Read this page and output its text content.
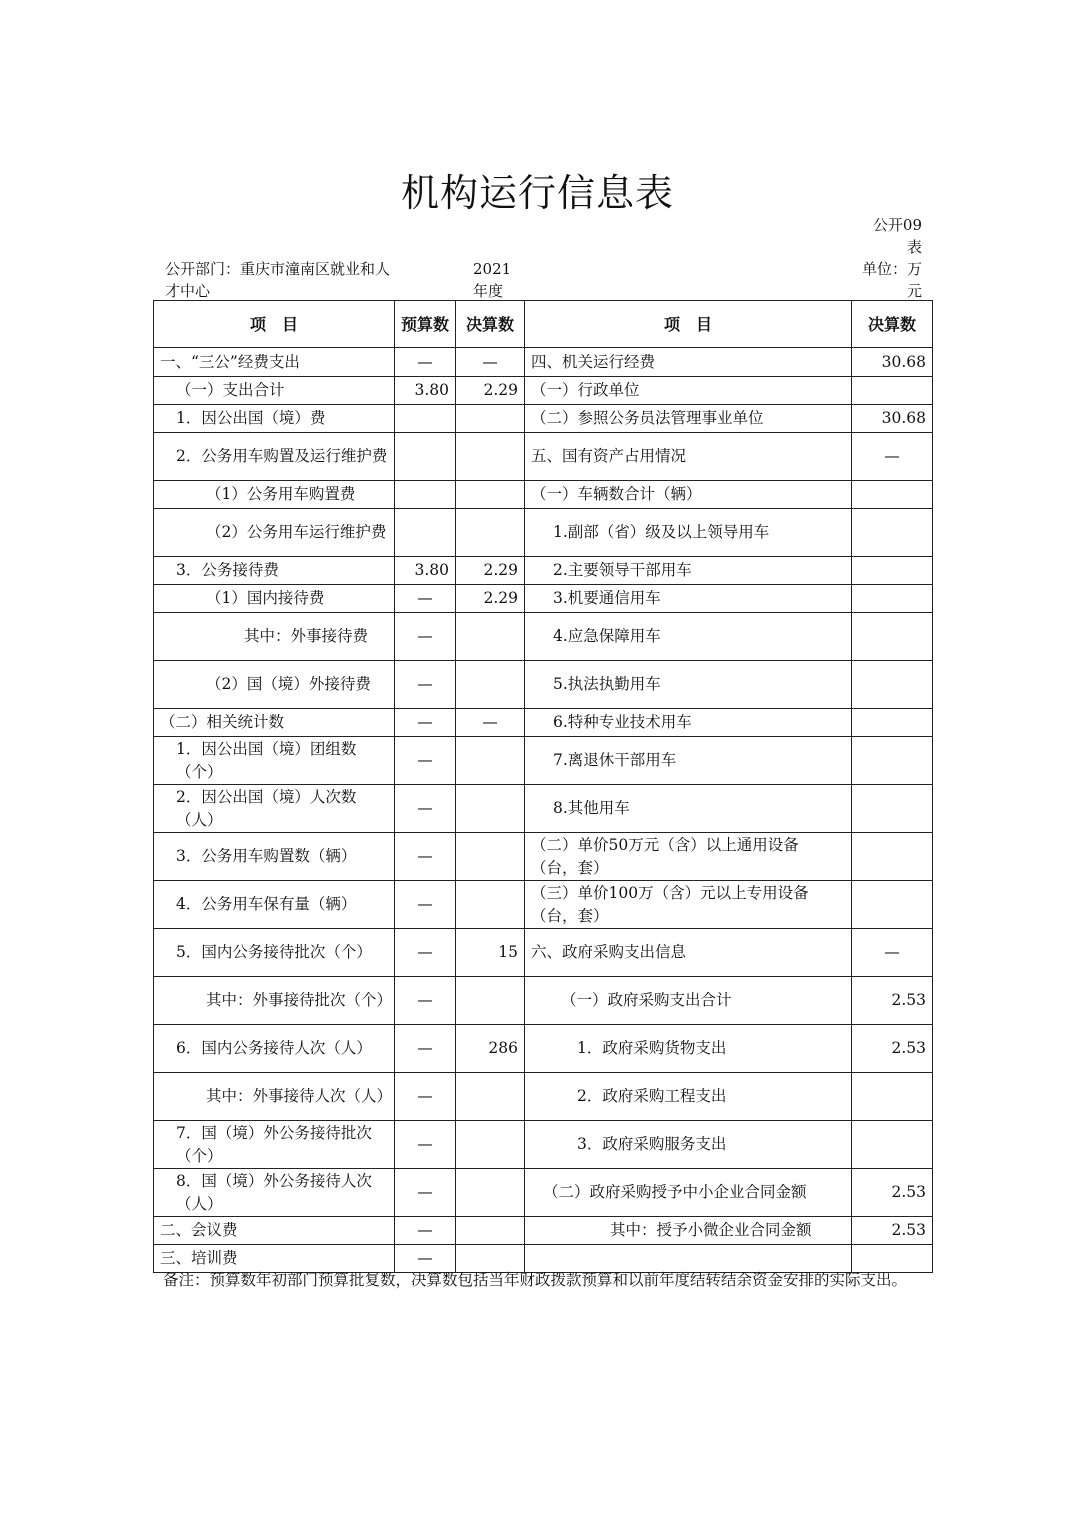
机构运行信息表
公开部门：重庆市潼南区就业和人才中心
2021年度
公开09表
单位：万元
项　目	预算数	决算数	项　目	决算数
一、“三公”经费支出	—	—	四、机关运行经费	30.68
（一）支出合计	3.80	2.29	（一）行政单位	
1．因公出国（境）费			（二）参照公务员法管理事业单位	30.68
2．公务用车购置及运行维护费			五、国有资产占用情况	—
（1）公务用车购置费			（一）车辆数合计（辆）	
（2）公务用车运行维护费			1.副部（省）级及以上领导用车	
3．公务接待费	3.80	2.29	2.主要领导干部用车	
（1）国内接待费	—	2.29	3.机要通信用车	
其中：外事接待费	—		4.应急保障用车	
（2）国（境）外接待费	—		5.执法执勤用车	
（二）相关统计数	—	—	6.特种专业技术用车	
1．因公出国（境）团组数（个）	—		7.离退休干部用车	
2．因公出国（境）人次数（人）	—		8.其他用车	
3．公务用车购置数（辆）	—		（二）单价50万元（含）以上通用设备（台，套）	
4．公务用车保有量（辆）	—		（三）单价100万（含）元以上专用设备（台，套）	
5．国内公务接待批次（个）	—	15	六、政府采购支出信息	—
其中：外事接待批次（个）	—		（一）政府采购支出合计	2.53
6．国内公务接待人次（人）	—	286	1．政府采购货物支出	2.53
其中：外事接待人次（人）	—		2．政府采购工程支出	
7．国（境）外公务接待批次（个）	—		3．政府采购服务支出	
8．国（境）外公务接待人次（人）	—		（二）政府采购授予中小企业合同金额	2.53
二、会议费	—		其中：授予小微企业合同金额	2.53
三、培训费	—			
备注：预算数年初部门预算批复数，决算数包括当年财政拨款预算和以前年度结转结余资金安排的实际支出。
